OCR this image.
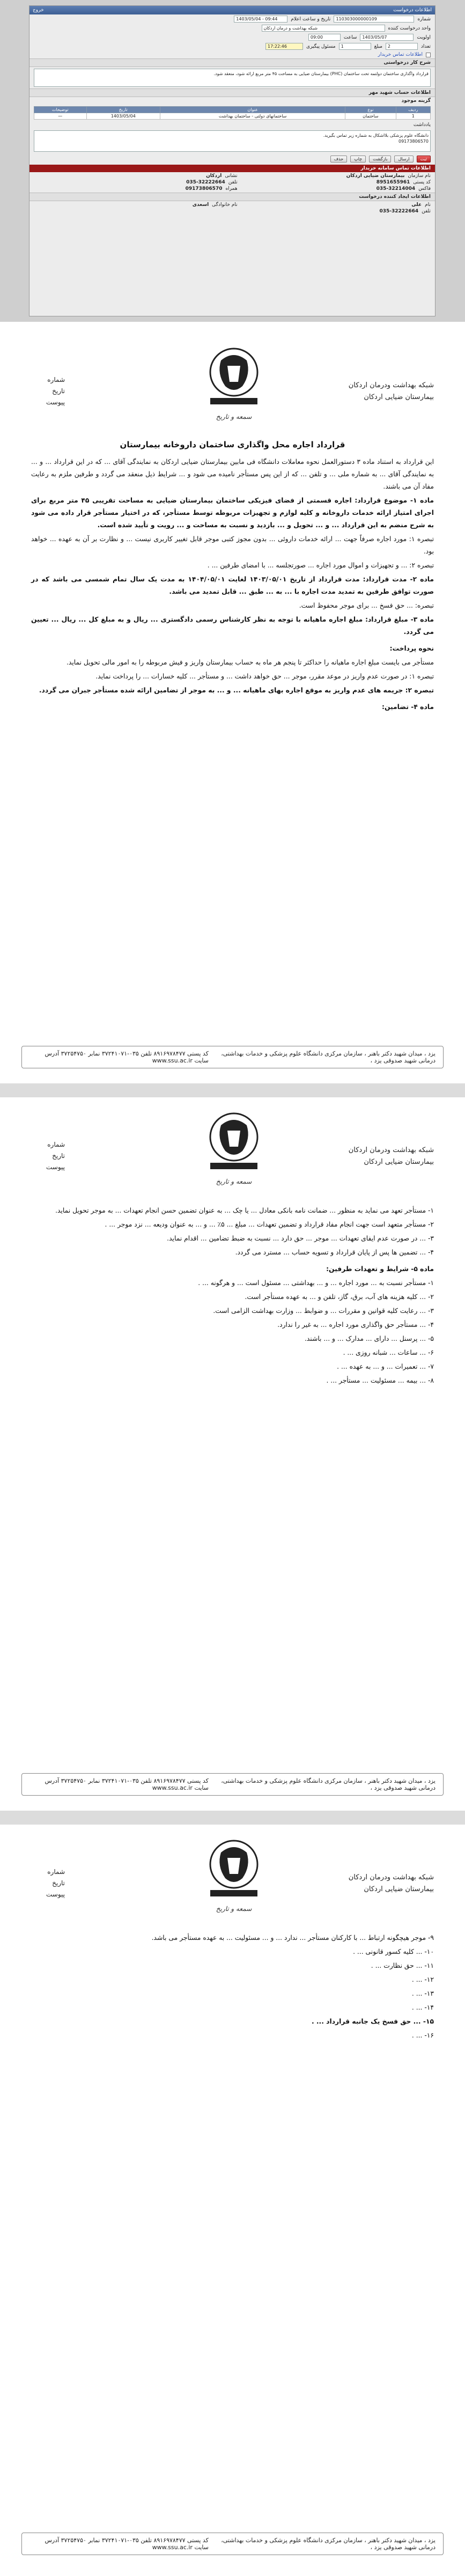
اطلاعات درخواست
خروج
شماره
110303000000109
تاریخ و ساعت اعلام
1403/05/04 - 09:44
واحد درخواست کننده
شبکه بهداشت و درمان اردکان
اولویت
1403/05/07
ساعت
09:00
تعداد
2
مبلغ
1
مسئول پیگیری
17:22:46
اطلاعات تماس خریدار
شرح کار درخواستی
قرارداد واگذاری ساختمان دولتمه تحت ساختمان (PHC) بیمارستان ضیایی به مساحت ۴۵ متر مربع ارائه شود، منعقد شود.
اطلاعات حساب شهید مهر
گزینه موجود
ردیف	نوع	عنوان	تاریخ	توضیحات
1	ساختمان	ساختمانهای دولتی - ساختمان بهداشت	1403/05/04	—
یادداشت
دانشگاه علوم پزشکی بلااشکال به شماره زیر تماس بگیرید.
09173806570
ثبت
ارسال
بازگشت
چاپ
حذف
اطلاعات تماس سامانه خریدار
نام سازمان
بیمارستان ضیایی اردکان
نشانی
اردکان
کد پستی
8951655961
تلفن
035-32222664
فاکس
035-32214004
همراه
09173806570
اطلاعات ایجاد کننده درخواست
نام
علی
نام خانوادگی
اسعدی
تلفن
035-32222664
سمعه و تاریخ
شبکه بهداشت ودرمان اردکان
بیمارستان ضیایی اردکان
شماره
تاریخ
پیوست
قرارداد اجاره محل واگذاری ساختمان داروخانه بیمارستان

این قرارداد به استناد ماده ۳ دستورالعمل نحوه معاملات دانشگاه فی مابین بیمارستان ضیایی اردکان به نمایندگی آقای ... که در این قرارداد ... و ... به نمایندگی آقای ... به شماره ملی ... و تلفن ... که از این پس مستأجر نامیده می شود و ... شرایط ذیل منعقد می گردد و طرفین ملزم به رعایت مفاد آن می باشند.

ماده ۱- موضوع قرارداد: اجاره قسمتی از فضای فیزیکی ساختمان بیمارستان ضیایی به مساحت تقریبی ۴۵ متر مربع برای اجرای امتیاز ارائه خدمات داروخانه و کلیه لوازم و تجهیزات مربوطه توسط مستأجر، که در اختیار مستأجر قرار داده می شود به شرح منضم به این قرارداد ... و ... تحویل و ... بازدید و نسبت به مساحت و ... رویت و تأیید شده است.

تبصره ۱: مورد اجاره صرفاً جهت ... ارائه خدمات داروئی ... بدون مجوز کتبی موجر قابل تغییر کاربری نیست ... و نظارت بر آن به عهده ... خواهد بود.

تبصره ۲: ... و تجهیزات و اموال مورد اجاره ... صورتجلسه ... با امضای طرفین ... .

ماده ۲- مدت قرارداد: مدت قرارداد از تاریخ ۱۴۰۳/۰۵/۰۱ لغایت ۱۴۰۴/۰۵/۰۱ به مدت یک سال تمام شمسی می باشد که در صورت توافق طرفین به تمدید مدت اجاره با ... به ... طبق ... قابل تمدید می باشد.

تبصره: ... حق فسخ ... برای موجر محفوظ است.

ماده ۳- مبلغ قرارداد: مبلغ اجاره ماهیانه با توجه به نظر کارشناس رسمی دادگستری ... ریال و به مبلغ کل ... ریال ... تعیین می گردد.

نحوه پرداخت:

مستأجر می بایست مبلغ اجاره ماهیانه را حداکثر تا پنجم هر ماه به حساب بیمارستان واریز و فیش مربوطه را به امور مالی تحویل نماید.

تبصره ۱: در صورت عدم واریز در موعد مقرر، موجر ... حق خواهد داشت ... و مستأجر ... کلیه خسارات ... را پرداخت نماید.

تبصره ۲: جریمه های عدم واریز به موقع اجاره بهای ماهیانه ... و ... به موجر از تضامین ارائه شده مستأجر جبران می گردد.

ماده ۴- تضامین:

یزد ، میدان شهید دکتر باهنر ، سازمان مرکزی دانشگاه علوم پزشکی و خدمات بهداشتی، درمانی شهید صدوقی یزد ،
کد پستی ۸۹۱۶۹۷۸۴۷۷ تلفن ۰۳۵-۳۷۲۴۱۰۷۱ نمابر ۳۷۲۵۴۷۵۰ آدرس سایت www.ssu.ac.ir
سمعه و تاریخ
شبکه بهداشت ودرمان اردکان
بیمارستان ضیایی اردکان
شماره
تاریخ
پیوست

۱- مستأجر تعهد می نماید به منظور ... ضمانت نامه بانکی معادل ... یا چک ... به عنوان تضمین حسن انجام تعهدات ... به موجر تحویل نماید.

۲- مستأجر متعهد است جهت انجام مفاد قرارداد و تضمین تعهدات ... مبلغ ... ۵٪ ... و ... به عنوان ودیعه ... نزد موجر ... .

۳- ... در صورت عدم ایفای تعهدات ... موجر ... حق دارد ... نسبت به ضبط تضامین ... اقدام نماید.

۴- ... تضمین ها پس از پایان قرارداد و تسویه حساب ... مسترد می گردد.

ماده ۵- شرایط و تعهدات طرفین:

۱- مستأجر نسبت به ... مورد اجاره ... و ... بهداشتی ... مسئول است ... و هرگونه ... .

۲- ... کلیه هزینه های آب، برق، گاز، تلفن و ... به عهده مستأجر است.

۳- ... رعایت کلیه قوانین و مقررات ... و ضوابط ... وزارت بهداشت الزامی است.

۴- ... مستأجر حق واگذاری مورد اجاره ... به غیر را ندارد.

۵- ... پرسنل ... دارای ... مدارک ... و ... باشند.

۶- ... ساعات ... شبانه روزی ... .

۷- ... تعمیرات ... و ... به عهده ... .

۸- ... بیمه ... مسئولیت ... مستأجر ... .

یزد ، میدان شهید دکتر باهنر ، سازمان مرکزی دانشگاه علوم پزشکی و خدمات بهداشتی، درمانی شهید صدوقی یزد ،
کد پستی ۸۹۱۶۹۷۸۴۷۷ تلفن ۰۳۵-۳۷۲۴۱۰۷۱ نمابر ۳۷۲۵۴۷۵۰ آدرس سایت www.ssu.ac.ir
سمعه و تاریخ
شبکه بهداشت ودرمان اردکان
بیمارستان ضیایی اردکان
شماره
تاریخ
پیوست

۹- موجر هیچگونه ارتباط ... با کارکنان مستأجر ... ندارد ... و ... مسئولیت ... به عهده مستأجر می باشد.

۱۰- ... کلیه کسور قانونی ... .

۱۱- ... حق نظارت ... .

۱۲- ... .

۱۳- ... .

۱۴- ... .

۱۵- ... حق فسخ یک جانبه قرارداد ... .

۱۶- ... .

یزد ، میدان شهید دکتر باهنر ، سازمان مرکزی دانشگاه علوم پزشکی و خدمات بهداشتی، درمانی شهید صدوقی یزد ،
کد پستی ۸۹۱۶۹۷۸۴۷۷ تلفن ۰۳۵-۳۷۲۴۱۰۷۱ نمابر ۳۷۲۵۴۷۵۰ آدرس سایت www.ssu.ac.ir
